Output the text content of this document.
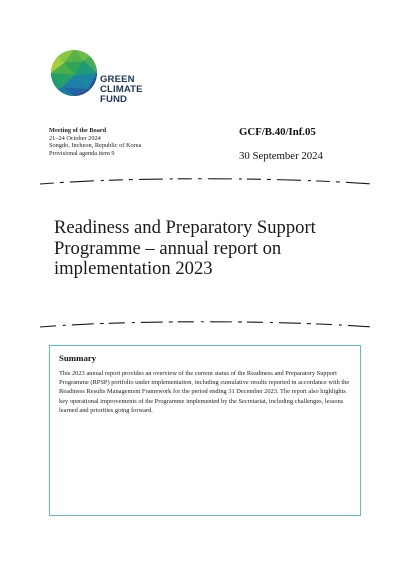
GREEN
CLIMATE
FUND
Meeting of the Board
21–24 October 2024
Songdo, Incheon, Republic of Korea
Provisional agenda item 9
GCF/B.40/Inf.05
30 September 2024
Readiness and Preparatory Support
Programme – annual report on
implementation 2023
Summary
This 2023 annual report provides an overview of the current status of the Readiness and Preparatory Support Programme (RPSP) portfolio under implementation, including cumulative results reported in accordance with the Readiness Results Management Framework for the period ending 31 December 2023. The report also highlights key operational improvements of the Programme implemented by the Secretariat, including challenges, lessons learned and priorities going forward.
